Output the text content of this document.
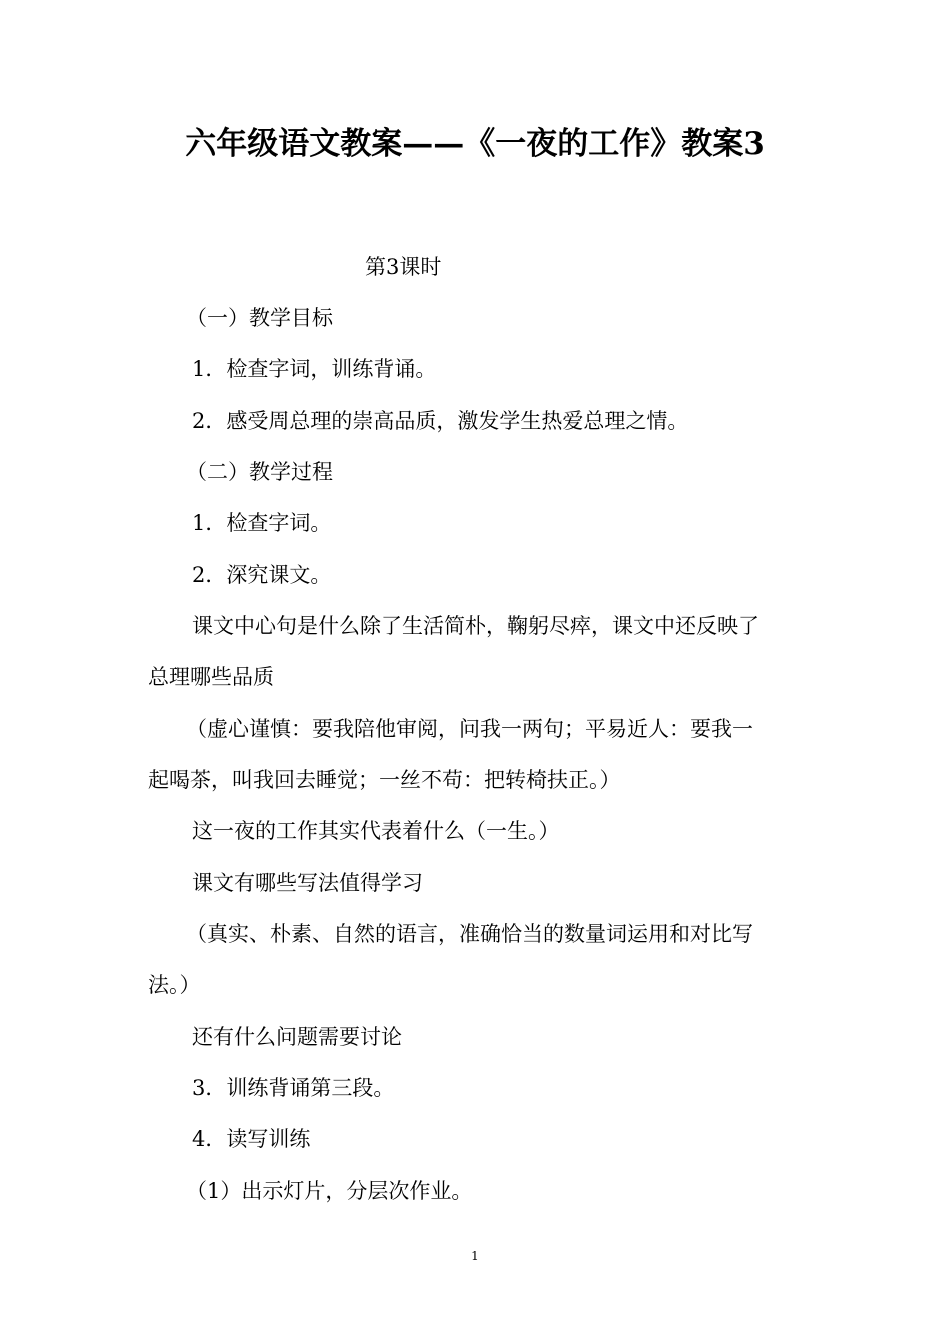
六年级语文教案——《一夜的工作》教案3
第3课时
（一）教学目标
1．检查字词，训练背诵。
2．感受周总理的崇高品质，激发学生热爱总理之情。
（二）教学过程
1．检查字词。
2．深究课文。
课文中心句是什么除了生活简朴，鞠躬尽瘁，课文中还反映了
总理哪些品质
（虚心谨慎：要我陪他审阅，问我一两句；平易近人：要我一
起喝茶，叫我回去睡觉；一丝不苟：把转椅扶正。）
这一夜的工作其实代表着什么（一生。）
课文有哪些写法值得学习
（真实、朴素、自然的语言，准确恰当的数量词运用和对比写
法。）
还有什么问题需要讨论
3．训练背诵第三段。
4．读写训练
（1）出示灯片，分层次作业。
1
